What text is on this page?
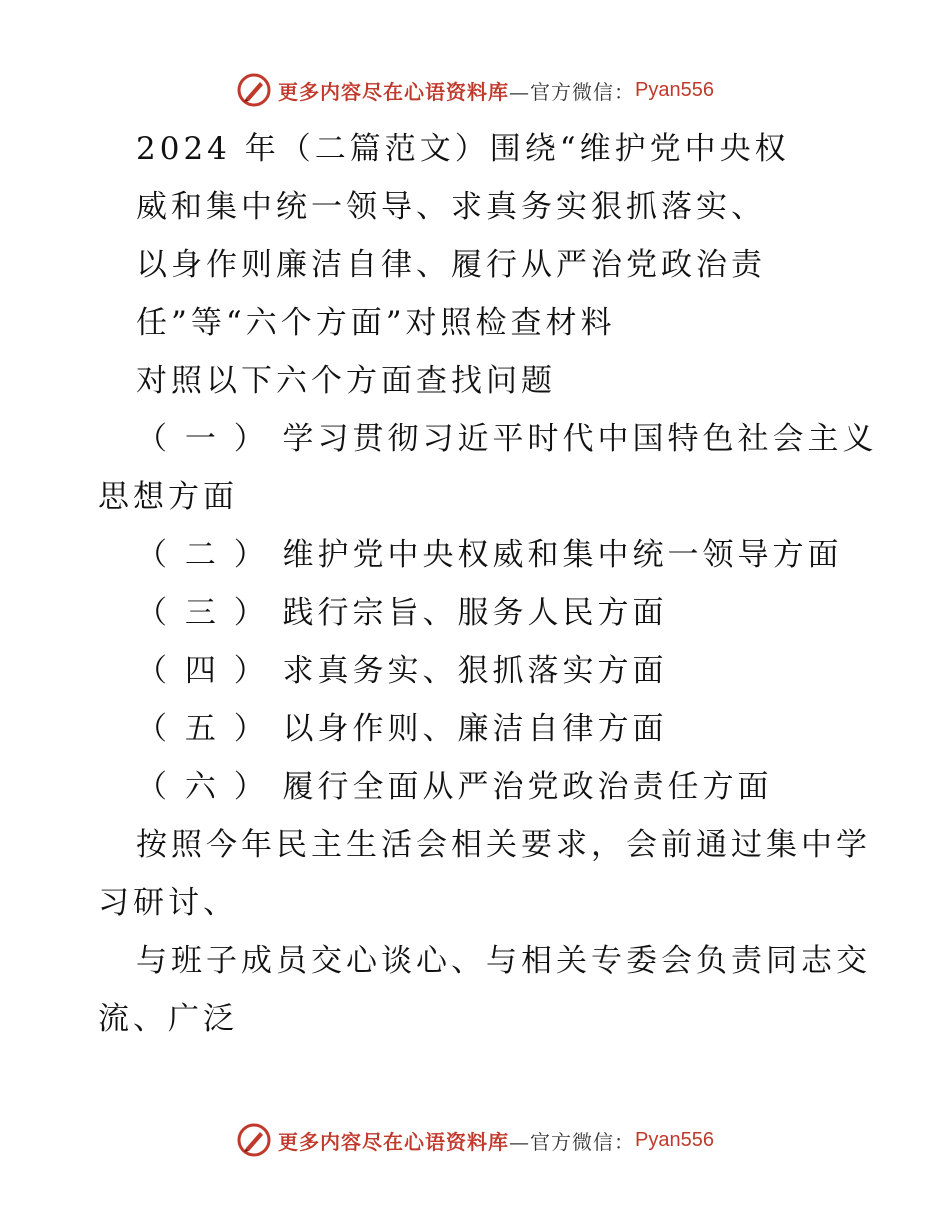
更多内容尽在心语资料库 —官方微信： Pyan556
2024 年（二篇范文）围绕“维护党中央权
威和集中统一领导、求真务实狠抓落实、
以身作则廉洁自律、履行从严治党政治责
任”等“六个方面”对照检查材料
对照以下六个方面查找问题
（ 一 ） 学习贯彻习近平时代中国特色社会主义
思想方面
（ 二 ） 维护党中央权威和集中统一领导方面
（ 三 ） 践行宗旨、服务人民方面
（ 四 ） 求真务实、狠抓落实方面
（ 五 ） 以身作则、廉洁自律方面
（ 六 ） 履行全面从严治党政治责任方面
按照今年民主生活会相关要求，会前通过集中学
习研讨、
与班子成员交心谈心、与相关专委会负责同志交
流、广泛
更多内容尽在心语资料库 —官方微信： Pyan556
